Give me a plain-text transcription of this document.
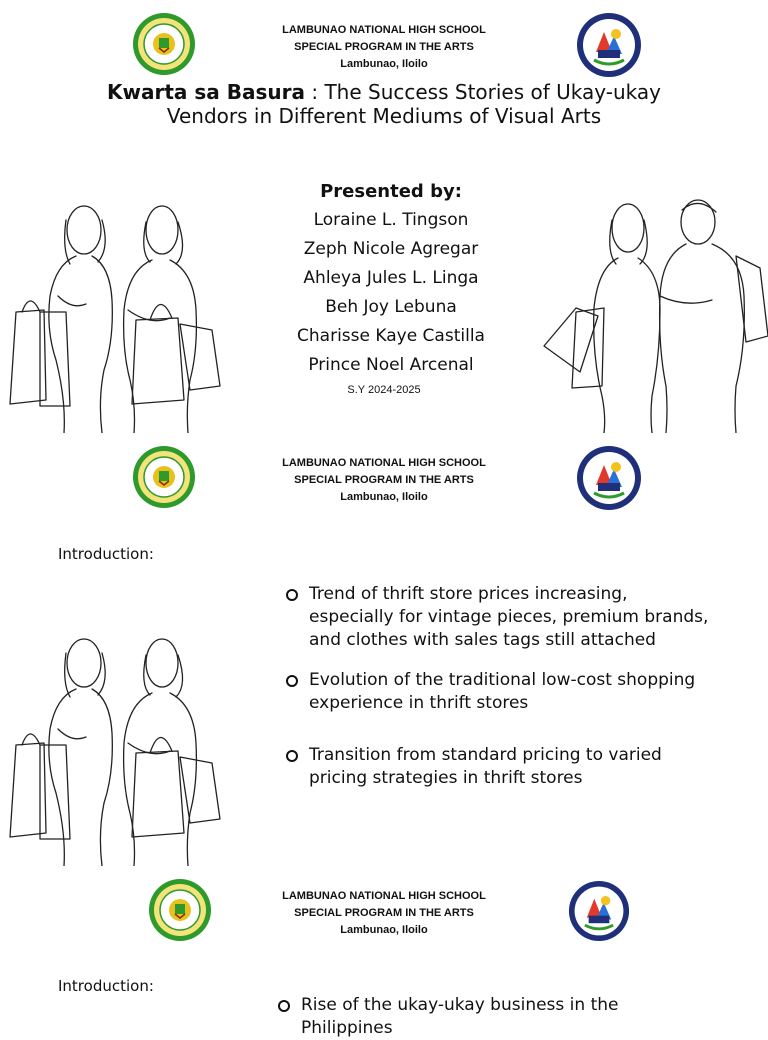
LAMBUNAO NATIONAL HIGH SCHOOL
SPECIAL PROGRAM IN THE ARTS
Lambunao, Iloilo
Kwarta sa Basura : The Success Stories of Ukay-ukay Vendors in Different Mediums of Visual Arts
Presented by:
Loraine L. Tingson
Zeph Nicole Agregar
Ahleya Jules L. Linga
Beh Joy Lebuna
Charisse Kaye Castilla
Prince Noel Arcenal
S.Y 2024-2025
LAMBUNAO NATIONAL HIGH SCHOOL
SPECIAL PROGRAM IN THE ARTS
Lambunao, Iloilo
Introduction:
Trend of thrift store prices increasing, especially for vintage pieces, premium brands, and clothes with sales tags still attached
Evolution of the traditional low-cost shopping experience in thrift stores
Transition from standard pricing to varied pricing strategies in thrift stores
LAMBUNAO NATIONAL HIGH SCHOOL
SPECIAL PROGRAM IN THE ARTS
Lambunao, Iloilo
Introduction:
Rise of the ukay-ukay business in the Philippines
